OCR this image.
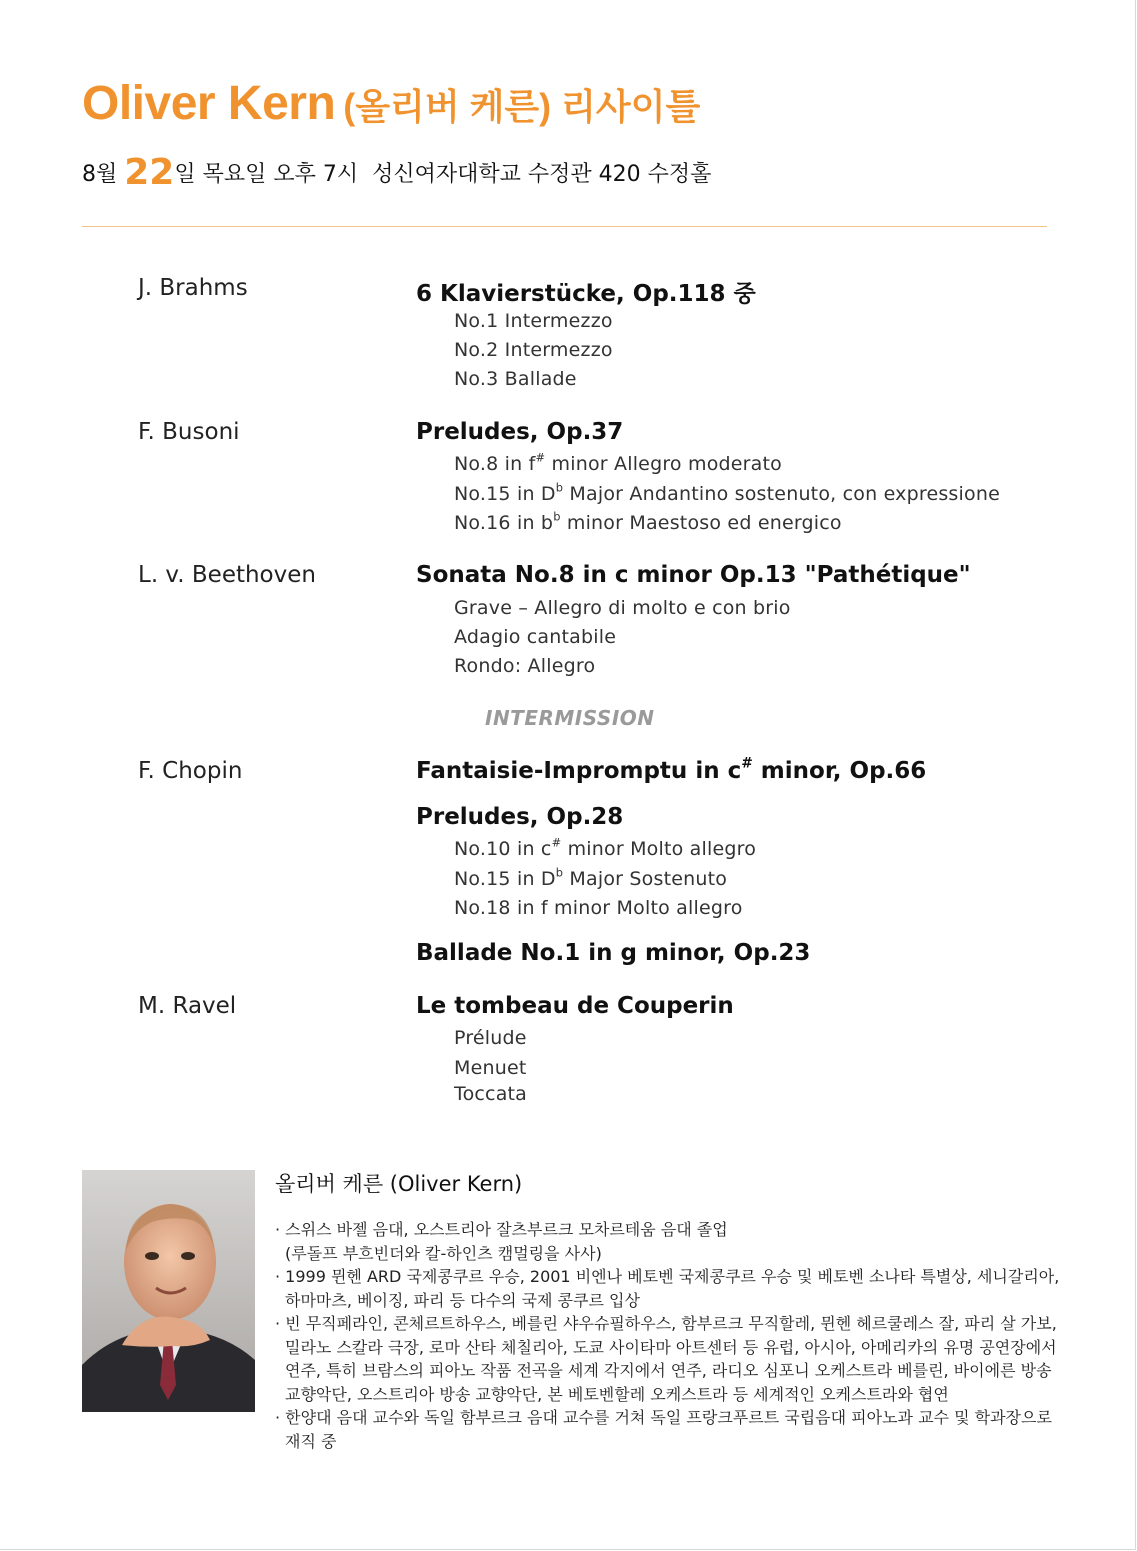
Oliver Kern (올리버 케른) 리사이틀
8월 22일 목요일 오후 7시 성신여자대학교 수정관 420 수정홀
J. Brahms	6 Klavierstücke, Op.118 중
No.1 Intermezzo
No.2 Intermezzo
No.3 Ballade
F. Busoni	Preludes, Op.37
No.8 in f# minor Allegro moderato
No.15 in $D^b$ Major Andantino sostenuto, con expressione
No.16 in $b^b$ minor Maestoso ed energico
L. v. Beethoven	Sonata No.8 in c minor Op.13 "Pathétique"
Grave – Allegro di molto e con brio
Adagio cantabile
Rondo: Allegro
INTERMISSION
F. Chopin	Fantaisie-Impromptu in c# minor, Op.66
Preludes, Op.28
No.10 in c# minor Molto allegro
No.15 in $D^b$ Major Sostenuto
No.18 in f minor Molto allegro
Ballade No.1 in g minor, Op.23
M. Ravel	Le tombeau de Couperin
Prélude
Menuet
Toccata
올리버 케른 (Oliver Kern)
· 스위스 바젤 음대, 오스트리아 잘츠부르크 모차르테움 음대 졸업
(루돌프 부흐빈더와 칼-하인츠 캠멀링을 사사)
· 1999 뮌헨 ARD 국제콩쿠르 우승, 2001 비엔나 베토벤 국제콩쿠르 우승 및 베토벤 소나타 특별상, 세니갈리아,
하마마츠, 베이징, 파리 등 다수의 국제 콩쿠르 입상
· 빈 무직페라인, 콘체르트하우스, 베를린 샤우슈필하우스, 함부르크 무직할레, 뮌헨 헤르쿨레스 잘, 파리 살 가보,
밀라노 스칼라 극장, 로마 산타 체칠리아, 도쿄 사이타마 아트센터 등 유럽, 아시아, 아메리카의 유명 공연장에서
연주, 특히 브람스의 피아노 작품 전곡을 세계 각지에서 연주, 라디오 심포니 오케스트라 베를린, 바이에른 방송
교향악단, 오스트리아 방송 교향악단, 본 베토벤할레 오케스트라 등 세계적인 오케스트라와 협연
· 한양대 음대 교수와 독일 함부르크 음대 교수를 거쳐 독일 프랑크푸르트 국립음대 피아노과 교수 및 학과장으로
재직 중
